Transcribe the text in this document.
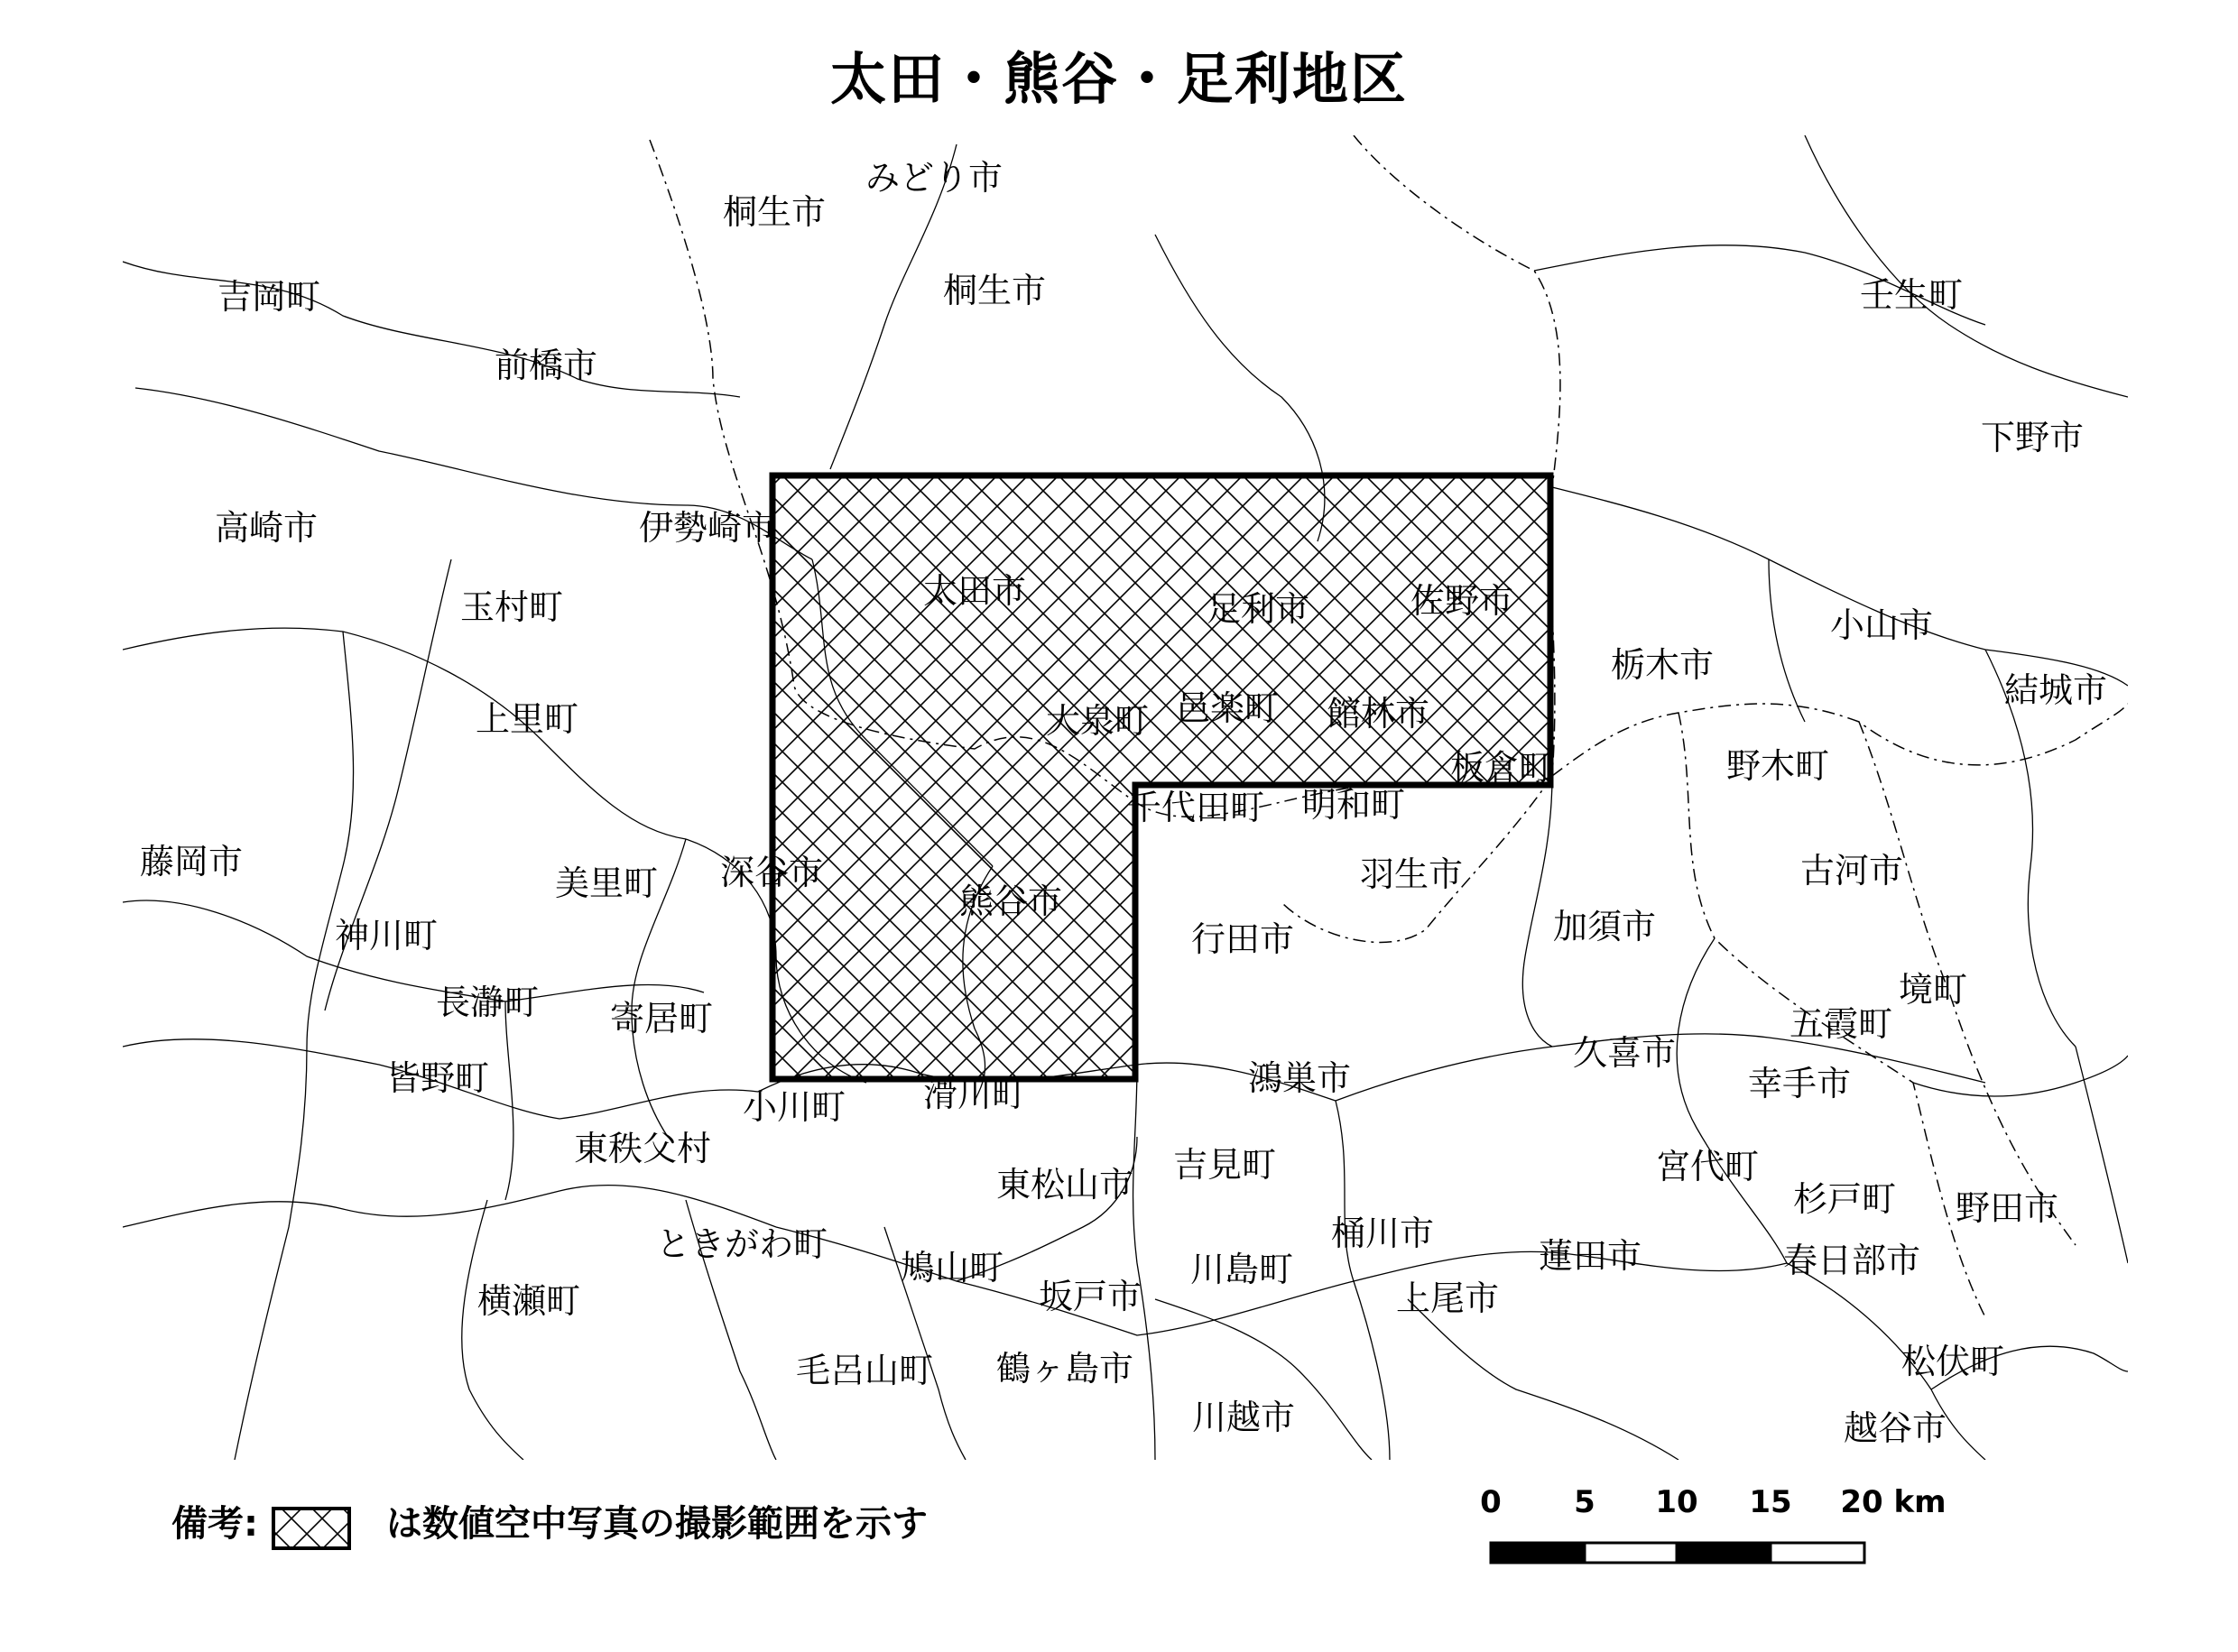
太田・熊谷・足利地区
みどり市
桐生市
桐生市
吉岡町
前橋市
壬生町
下野市
高崎市	伊勢崎市
玉村町	太田市	足利市	佐野市
小山市
栃木市
結城市
上里町	大泉町 邑楽町 館林市
板倉町	野木町
千代田町 明和町
藤岡市
美里町 深谷市	羽生市	古河市
神川町
熊谷市
行田市	加須市
境町
長瀞町 寄居町	五霞町
久喜市
皆野町	鴻巣市	幸手市
小川町 滑川町
東秩父村	宮代町
東松山市 吉見町
杉戸町 野田市
ときがわ町	桶川市
鳩山町	川島町	蓮田市	春日部市
横瀬町	坂戸市	上尾市
松伏町
毛呂山町 鶴ヶ島市
川越市	越谷市
備考:	は数値空中写真の撮影範囲を示す
0 5 10 15 20 km
